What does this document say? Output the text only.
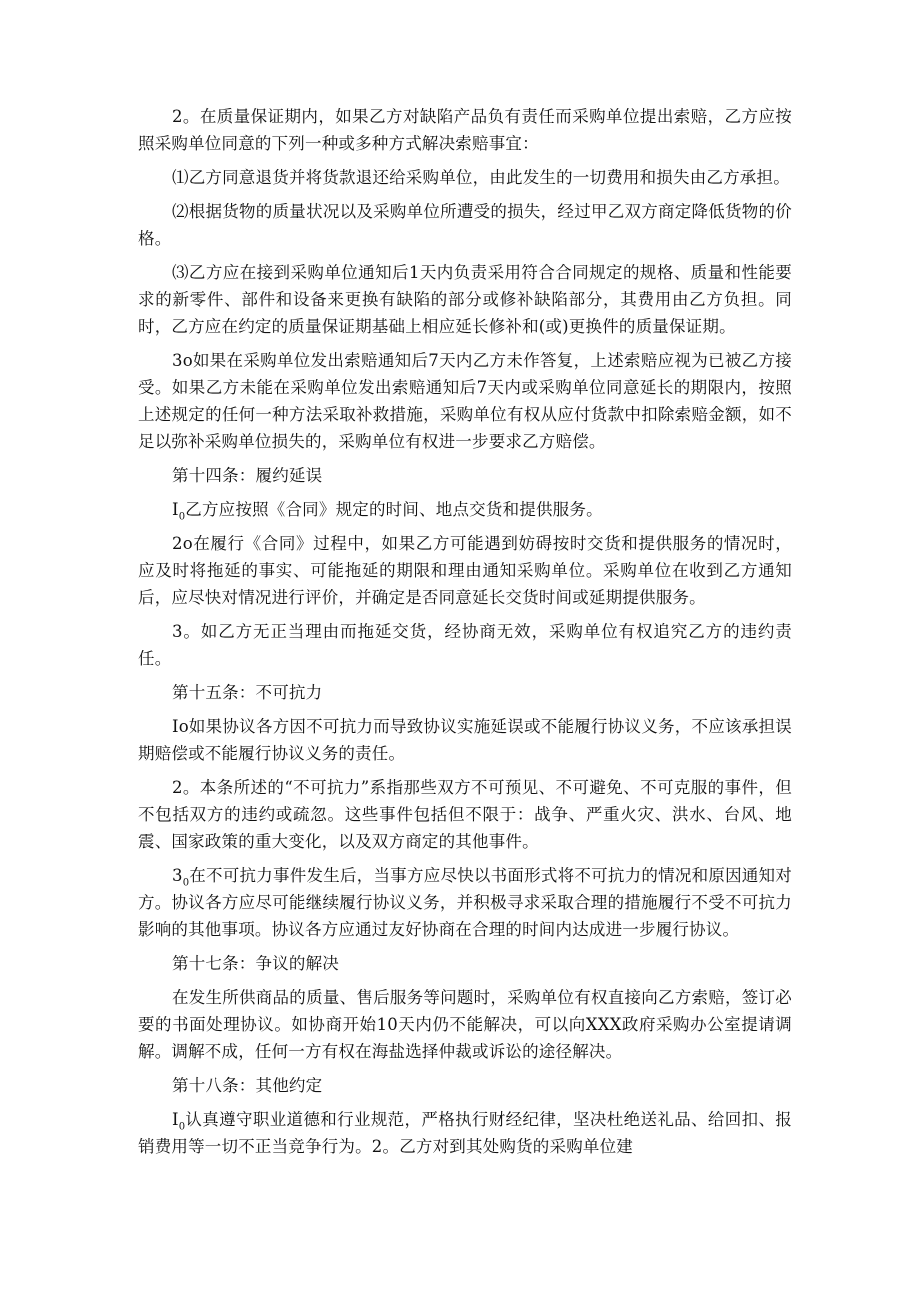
2。在质量保证期内，如果乙方对缺陷产品负有责任而采购单位提出索赔，乙方应按照采购单位同意的下列一种或多种方式解决索赔事宜：

⑴乙方同意退货并将货款退还给采购单位，由此发生的一切费用和损失由乙方承担。

⑵根据货物的质量状况以及采购单位所遭受的损失，经过甲乙双方商定降低货物的价格。

⑶乙方应在接到采购单位通知后1天内负责采用符合合同规定的规格、质量和性能要求的新零件、部件和设备来更换有缺陷的部分或修补缺陷部分，其费用由乙方负担。同时，乙方应在约定的质量保证期基础上相应延长修补和(或)更换件的质量保证期。

3o如果在采购单位发出索赔通知后7天内乙方未作答复，上述索赔应视为已被乙方接受。如果乙方未能在采购单位发出索赔通知后7天内或采购单位同意延长的期限内，按照上述规定的任何一种方法采取补救措施，采购单位有权从应付货款中扣除索赔金额，如不足以弥补采购单位损失的，采购单位有权进一步要求乙方赔偿。

第十四条：履约延误

$I_0$乙方应按照《合同》规定的时间、地点交货和提供服务。

2o在履行《合同》过程中，如果乙方可能遇到妨碍按时交货和提供服务的情况时，应及时将拖延的事实、可能拖延的期限和理由通知采购单位。采购单位在收到乙方通知后，应尽快对情况进行评价，并确定是否同意延长交货时间或延期提供服务。

3。如乙方无正当理由而拖延交货，经协商无效，采购单位有权追究乙方的违约责任。

第十五条：不可抗力

Io如果协议各方因不可抗力而导致协议实施延误或不能履行协议义务，不应该承担误期赔偿或不能履行协议义务的责任。

2。本条所述的“不可抗力”系指那些双方不可预见、不可避免、不可克服的事件，但不包括双方的违约或疏忽。这些事件包括但不限于：战争、严重火灾、洪水、台风、地震、国家政策的重大变化，以及双方商定的其他事件。

$3_0$在不可抗力事件发生后，当事方应尽快以书面形式将不可抗力的情况和原因通知对方。协议各方应尽可能继续履行协议义务，并积极寻求采取合理的措施履行不受不可抗力影响的其他事项。协议各方应通过友好协商在合理的时间内达成进一步履行协议。

第十七条：争议的解决

在发生所供商品的质量、售后服务等问题时，采购单位有权直接向乙方索赔，签订必要的书面处理协议。如协商开始10天内仍不能解决，可以向XXX政府采购办公室提请调解。调解不成，任何一方有权在海盐选择仲裁或诉讼的途径解决。

第十八条：其他约定

$I_0$认真遵守职业道德和行业规范，严格执行财经纪律，坚决杜绝送礼品、给回扣、报销费用等一切不正当竞争行为。2。乙方对到其处购货的采购单位建
